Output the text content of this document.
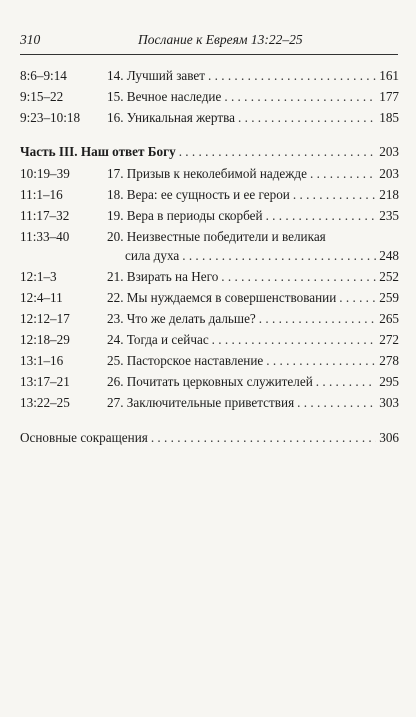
310	Послание к Евреям 13:22–25
8:6–9:14	14. Лучший завет . . .	161
9:15–22	15. Вечное наследие . . .	177
9:23–10:18 16. Уникальная жертва . . .	185
Часть III. Наш ответ Богу . . .	203
10:19–39	17. Призыв к неколебимой надежде . . .	203
11:1–16	18. Вера: ее сущность и ее герои . . .	218
11:17–32	19. Вера в периоды скорбей . . .	235
11:33–40	20. Неизвестные победители и великая
сила духа . . .	248
12:1–3	21. Взирать на Него . . .	252
12:4–11	22. Мы нуждаемся в совершенствовании . . .	259
12:12–17	23. Что же делать дальше? . . .	265
12:18–29	24. Тогда и сейчас . . .	272
13:1–16	25. Пасторское наставление . . .	278
13:17–21	26. Почитать церковных служителей . . .	295
13:22–25	27. Заключительные приветствия . . .	303
Основные сокращения . . .	306
